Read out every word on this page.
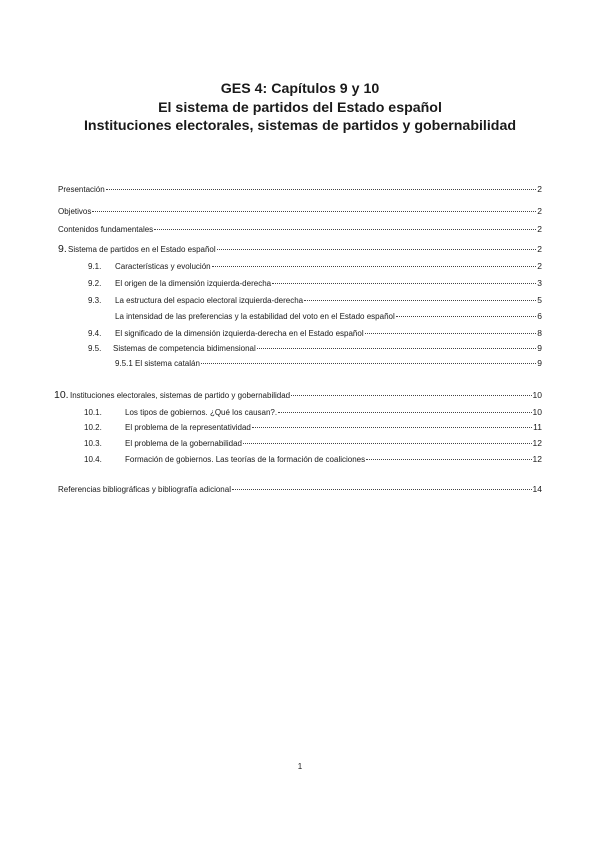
GES 4: Capítulos 9 y 10
El sistema de partidos del Estado español
Instituciones electorales, sistemas de partidos y gobernabilidad
Presentación	2
Objetivos	2
Contenidos fundamentales	2
9. Sistema de partidos en el Estado español	2
9.1.	Características y evolución	2
9.2.	El origen de la dimensión izquierda-derecha	3
9.3.	La estructura del espacio electoral izquierda-derecha	5
La intensidad de las preferencias y la estabilidad del voto en el Estado español	6
9.4.	El significado de la dimensión izquierda-derecha en el Estado español	8
9.5.	Sistemas de competencia bidimensional	9
9.5.1 El sistema catalán	9
10. Instituciones electorales, sistemas de partido y gobernabilidad	10
10.1.	Los tipos de gobiernos. ¿Qué los causan?.	10
10.2.	El problema de la representatividad	11
10.3.	El problema de la gobernabilidad	12
10.4.	Formación de gobiernos. Las teorías de la formación de coaliciones	12
Referencias bibliográficas y bibliografía adicional	14
1
